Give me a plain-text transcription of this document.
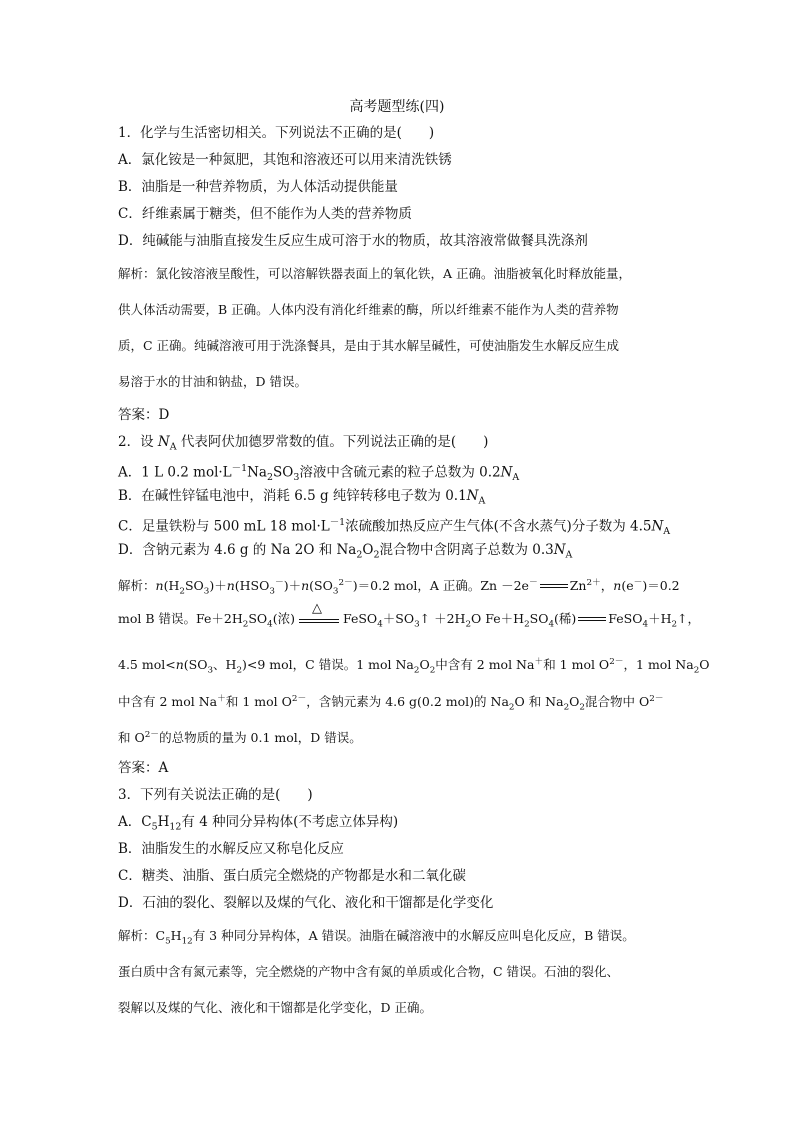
高考题型练(四)
1．化学与生活密切相关。下列说法不正确的是(　　)
A．氯化铵是一种氮肥，其饱和溶液还可以用来清洗铁锈
B．油脂是一种营养物质，为人体活动提供能量
C．纤维素属于糖类，但不能作为人类的营养物质
D．纯碱能与油脂直接发生反应生成可溶于水的物质，故其溶液常做餐具洗涤剂
解析：氯化铵溶液呈酸性，可以溶解铁器表面上的氧化铁，A 正确。油脂被氧化时释放能量，
供人体活动需要，B 正确。人体内没有消化纤维素的酶，所以纤维素不能作为人类的营养物
质，C 正确。纯碱溶液可用于洗涤餐具，是由于其水解呈碱性，可使油脂发生水解反应生成
易溶于水的甘油和钠盐，D 错误。
答案：D
2．设 $N_A$ 代表阿伏加德罗常数的值。下列说法正确的是(　　)
A．1 L 0.2 $mol\cdot L^{-1}Na_2SO_3$溶液中含硫元素的粒子总数为 $0.2N_A$
B．在碱性锌锰电池中，消耗 6.5 g 纯锌转移电子数为 $0.1N_A$
C．足量铁粉与 500 mL 18 $mol\cdot L^{-1}$浓硫酸加热反应产生气体(不含水蒸气)分子数为 $4.5N_A$
D．含钠元素为 4.6 g 的 Na 2O 和 $Na_2O_2$混合物中含阴离子总数为 $0.3N_A$
解析：$n(H_2SO_3)+n(HSO_3^-)+n(SO_3^{2-})=0.2$ mol，A 正确。Zn －2e－	$Zn^{2+}$，n(e－)＝0.2
mol B 错误。$Fe+2H_2SO_4$(浓)
△
$FeSO_4+SO_3↑ +2H_2O$ $Fe+H_2SO_4$(稀)	$FeSO_4+H_2↑$，
4.5 $mol<n(SO_3$、$H_2)<9$ mol，C 错误。1 mol $Na_2O_2$中含有 2 mol Na＋和 1 mol $O^{2-}$，1 mol $Na_2O$
中含有 2 mol Na＋和 1 mol $O^{2-}$，含钠元素为 4.6 g(0.2 mol)的 $Na_2O$ 和 $Na_2O_2$混合物中 $O^{2-}$
和 $O^{2-}$的总物质的量为 0.1 mol，D 错误。
答案：A
3．下列有关说法正确的是(　　)
A．$C_5H_{12}$有 4 种同分异构体(不考虑立体异构)
B．油脂发生的水解反应又称皂化反应
C．糖类、油脂、蛋白质完全燃烧的产物都是水和二氧化碳
D．石油的裂化、裂解以及煤的气化、液化和干馏都是化学变化
解析：$C_5H_{12}$有 3 种同分异构体，A 错误。油脂在碱溶液中的水解反应叫皂化反应，B 错误。
蛋白质中含有氮元素等，完全燃烧的产物中含有氮的单质或化合物，C 错误。石油的裂化、
裂解以及煤的气化、液化和干馏都是化学变化，D 正确。
